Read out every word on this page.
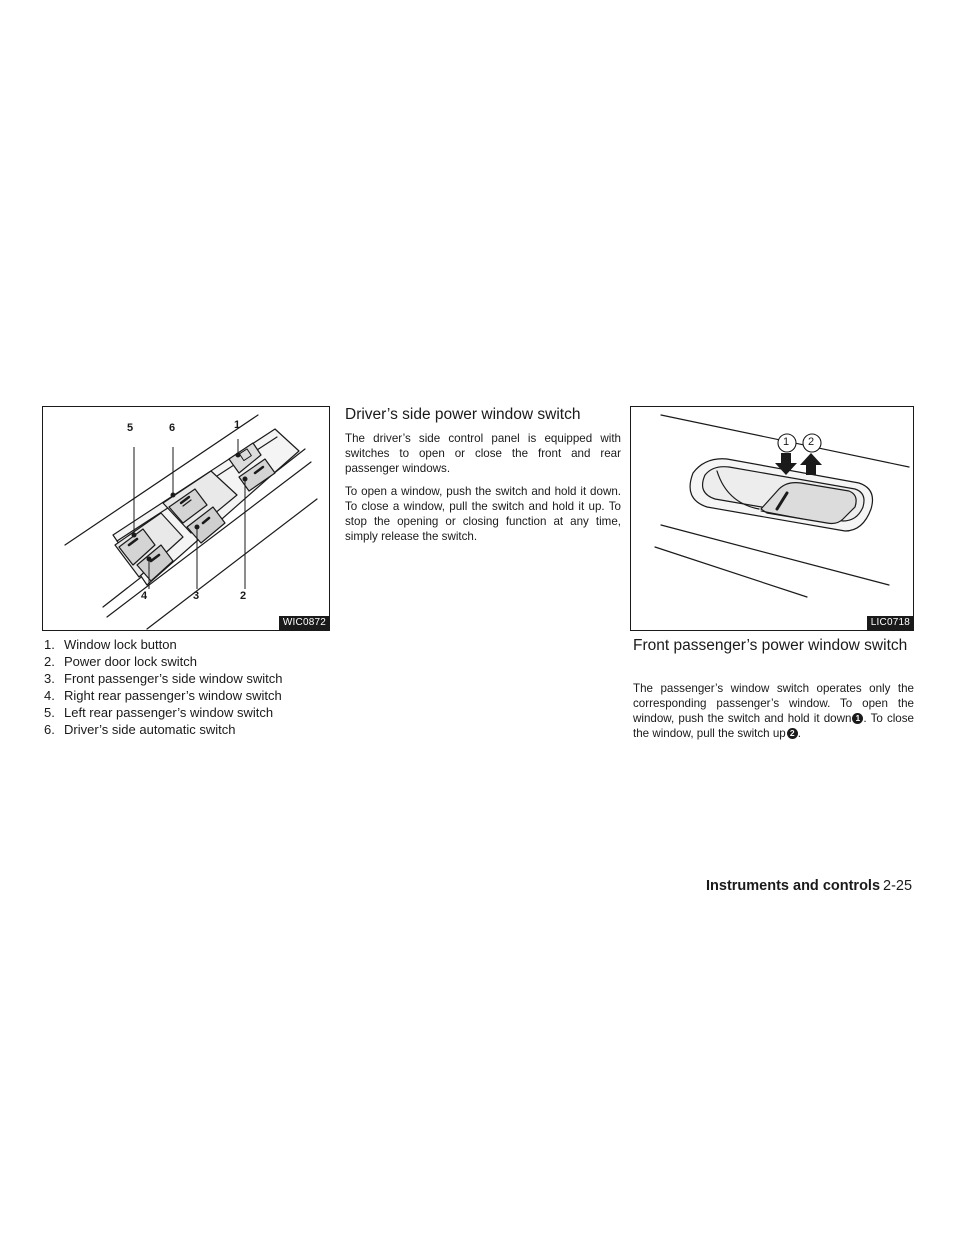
5	6	1
4	3	2
WIC0872
1. Window lock button
2. Power door lock switch
3. Front passenger’s side window switch
4. Right rear passenger’s window switch
5. Left rear passenger’s window switch
6. Driver’s side automatic switch
Driver’s side power window switch

The driver’s side control panel is equipped with switches to open or close the front and rear passenger windows.

To open a window, push the switch and hold it down. To close a window, pull the switch and hold it up. To stop the opening or closing function at any time, simply release the switch.

1 2
LIC0718
Front passenger’s power window switch

The passenger’s window switch operates only the corresponding passenger’s window. To open the window, push the switch and hold it down 1 . To close the window, pull the switch up 2 .

Instruments and controls 2-25
